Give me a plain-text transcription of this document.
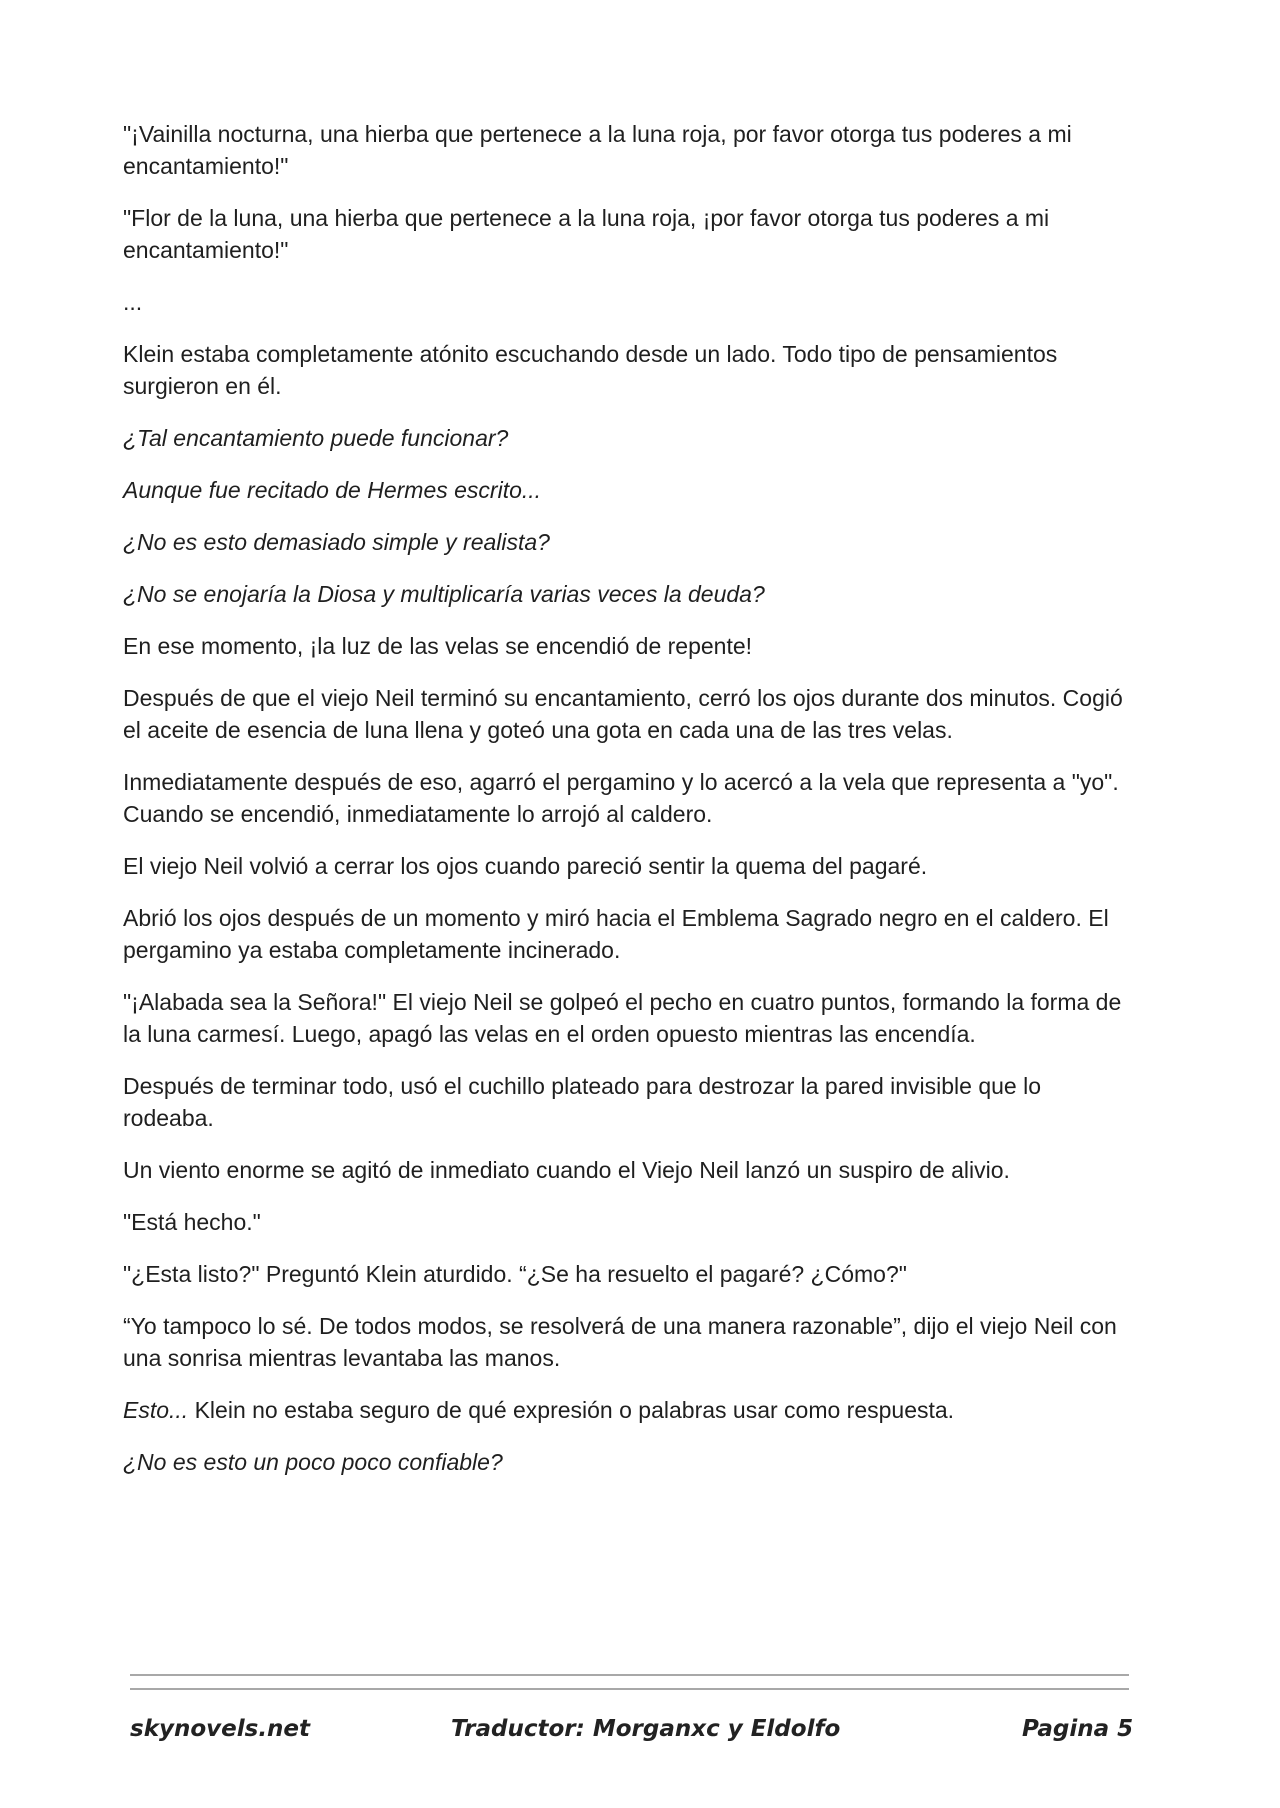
"¡Vainilla nocturna, una hierba que pertenece a la luna roja, por favor otorga tus poderes a mi encantamiento!"

"Flor de la luna, una hierba que pertenece a la luna roja, ¡por favor otorga tus poderes a mi encantamiento!"

...

Klein estaba completamente atónito escuchando desde un lado. Todo tipo de pensamientos surgieron en él.

¿Tal encantamiento puede funcionar?

Aunque fue recitado de Hermes escrito...

¿No es esto demasiado simple y realista?

¿No se enojaría la Diosa y multiplicaría varias veces la deuda?

En ese momento, ¡la luz de las velas se encendió de repente!

Después de que el viejo Neil terminó su encantamiento, cerró los ojos durante dos minutos. Cogió el aceite de esencia de luna llena y goteó una gota en cada una de las tres velas.

Inmediatamente después de eso, agarró el pergamino y lo acercó a la vela que representa a "yo". Cuando se encendió, inmediatamente lo arrojó al caldero.

El viejo Neil volvió a cerrar los ojos cuando pareció sentir la quema del pagaré.

Abrió los ojos después de un momento y miró hacia el Emblema Sagrado negro en el caldero. El pergamino ya estaba completamente incinerado.

"¡Alabada sea la Señora!" El viejo Neil se golpeó el pecho en cuatro puntos, formando la forma de la luna carmesí. Luego, apagó las velas en el orden opuesto mientras las encendía.

Después de terminar todo, usó el cuchillo plateado para destrozar la pared invisible que lo rodeaba.

Un viento enorme se agitó de inmediato cuando el Viejo Neil lanzó un suspiro de alivio.

"Está hecho."

"¿Esta listo?" Preguntó Klein aturdido. “¿Se ha resuelto el pagaré? ¿Cómo?"

“Yo tampoco lo sé. De todos modos, se resolverá de una manera razonable”, dijo el viejo Neil con una sonrisa mientras levantaba las manos.

Esto... Klein no estaba seguro de qué expresión o palabras usar como respuesta.

¿No es esto un poco poco confiable?

skynovels.net	Traductor: Morganxc y Eldolfo	Pagina 5
